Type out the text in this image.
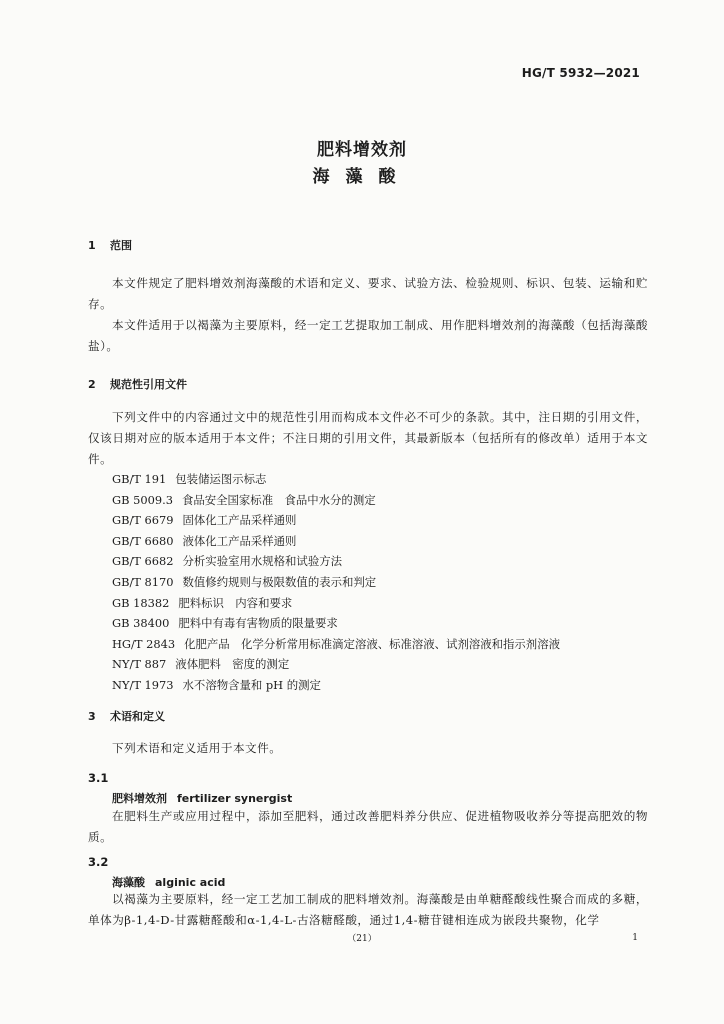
HG/T 5932—2021
肥料增效剂
海藻酸
1 范围
本文件规定了肥料增效剂海藻酸的术语和定义、要求、试验方法、检验规则、标识、包装、运输和贮存。
本文件适用于以褐藻为主要原料，经一定工艺提取加工制成、用作肥料增效剂的海藻酸（包括海藻酸盐）。
2 规范性引用文件
下列文件中的内容通过文中的规范性引用而构成本文件必不可少的条款。其中，注日期的引用文件，仅该日期对应的版本适用于本文件；不注日期的引用文件，其最新版本（包括所有的修改单）适用于本文件。
GB/T 191 包装储运图示标志
GB 5009.3 食品安全国家标准　食品中水分的测定
GB/T 6679 固体化工产品采样通则
GB/T 6680 液体化工产品采样通则
GB/T 6682 分析实验室用水规格和试验方法
GB/T 8170 数值修约规则与极限数值的表示和判定
GB 18382 肥料标识　内容和要求
GB 38400 肥料中有毒有害物质的限量要求
HG/T 2843 化肥产品　化学分析常用标准滴定溶液、标准溶液、试剂溶液和指示剂溶液
NY/T 887 液体肥料　密度的测定
NY/T 1973 水不溶物含量和 pH 的测定
3 术语和定义
下列术语和定义适用于本文件。
3.1
肥料增效剂 fertilizer synergist
在肥料生产或应用过程中，添加至肥料，通过改善肥料养分供应、促进植物吸收养分等提高肥效的物质。
3.2
海藻酸 alginic acid
以褐藻为主要原料，经一定工艺加工制成的肥料增效剂。海藻酸是由单糖醛酸线性聚合而成的多糖，单体为β-1,4-D-甘露糖醛酸和α-1,4-L-古洛糖醛酸，通过1,4-糖苷键相连成为嵌段共聚物，化学
（21）	1
